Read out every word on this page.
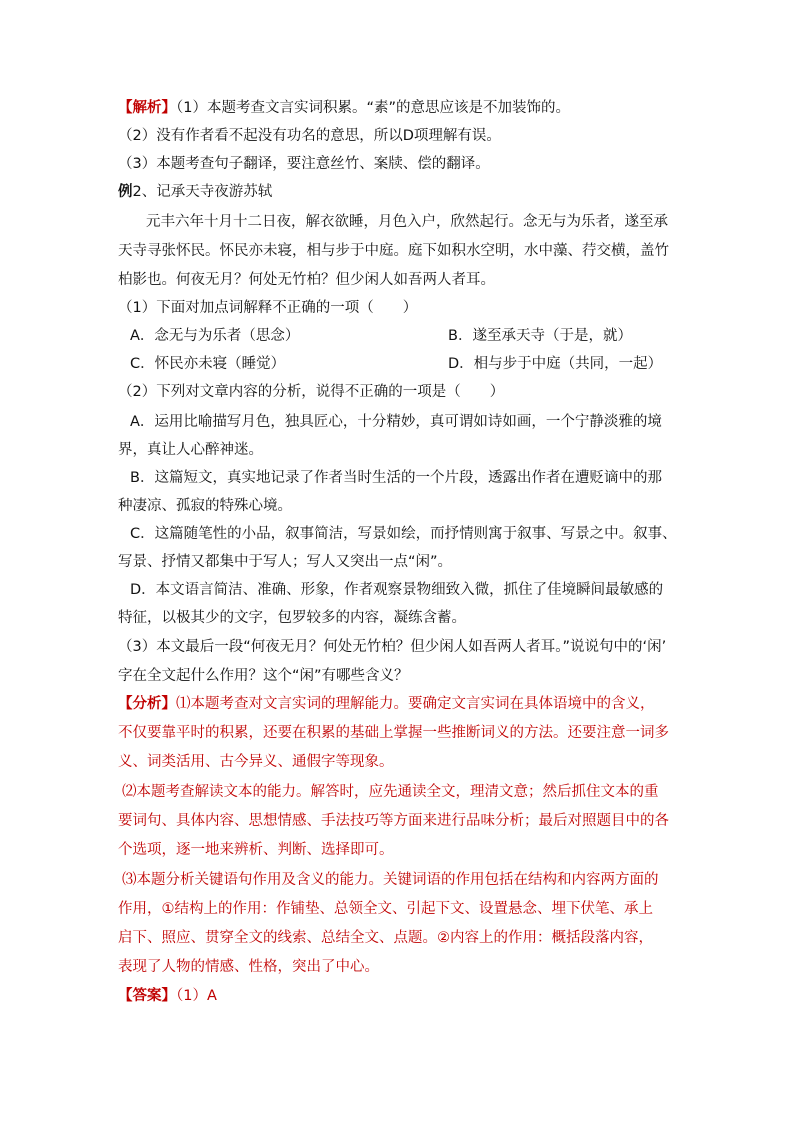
【解析】（1）本题考查文言实词积累。“素”的意思应该是不加装饰的。
（2）没有作者看不起没有功名的意思，所以D项理解有误。
（3）本题考查句子翻译，要注意丝竹、案牍、偿的翻译。
例2、记承天寺夜游苏轼
元丰六年十月十二日夜，解衣欲睡，月色入户，欣然起行。念无与为乐者，遂至承
天寺寻张怀民。怀民亦未寝，相与步于中庭。庭下如积水空明，水中藻、荇交横，盖竹
柏影也。何夜无月？何处无竹柏？但少闲人如吾两人者耳。
（1）下面对加点词解释不正确的一项（　　）
A．念无与为乐者（思念）	B．遂至承天寺（于是，就）
C．怀民亦未寝（睡觉）	D．相与步于中庭（共同，一起）
（2）下列对文章内容的分析，说得不正确的一项是（　　）
A．运用比喻描写月色，独具匠心，十分精妙，真可谓如诗如画，一个宁静淡雅的境
界，真让人心醉神迷。
B．这篇短文，真实地记录了作者当时生活的一个片段，透露出作者在遭贬谪中的那
种凄凉、孤寂的特殊心境。
C．这篇随笔性的小品，叙事简洁，写景如绘，而抒情则寓于叙事、写景之中。叙事、
写景、抒情又都集中于写人；写人又突出一点“闲”。
D．本文语言简洁、准确、形象，作者观察景物细致入微，抓住了佳境瞬间最敏感的
特征，以极其少的文字，包罗较多的内容，凝练含蓄。
（3）本文最后一段“何夜无月？何处无竹柏？但少闲人如吾两人者耳。”说说句中的‘闲’
字在全文起什么作用？这个“闲”有哪些含义？
【分析】⑴本题考查对文言实词的理解能力。要确定文言实词在具体语境中的含义，
不仅要靠平时的积累，还要在积累的基础上掌握一些推断词义的方法。还要注意一词多
义、词类活用、古今异义、通假字等现象。
⑵本题考查解读文本的能力。解答时，应先通读全文，理清文意；然后抓住文本的重
要词句、具体内容、思想情感、手法技巧等方面来进行品味分析；最后对照题目中的各
个选项，逐一地来辨析、判断、选择即可。
⑶本题分析关键语句作用及含义的能力。关键词语的作用包括在结构和内容两方面的
作用，①结构上的作用：作铺垫、总领全文、引起下文、设置悬念、埋下伏笔、承上
启下、照应、贯穿全文的线索、总结全文、点题。②内容上的作用：概括段落内容，
表现了人物的情感、性格，突出了中心。
【答案】（1）A
